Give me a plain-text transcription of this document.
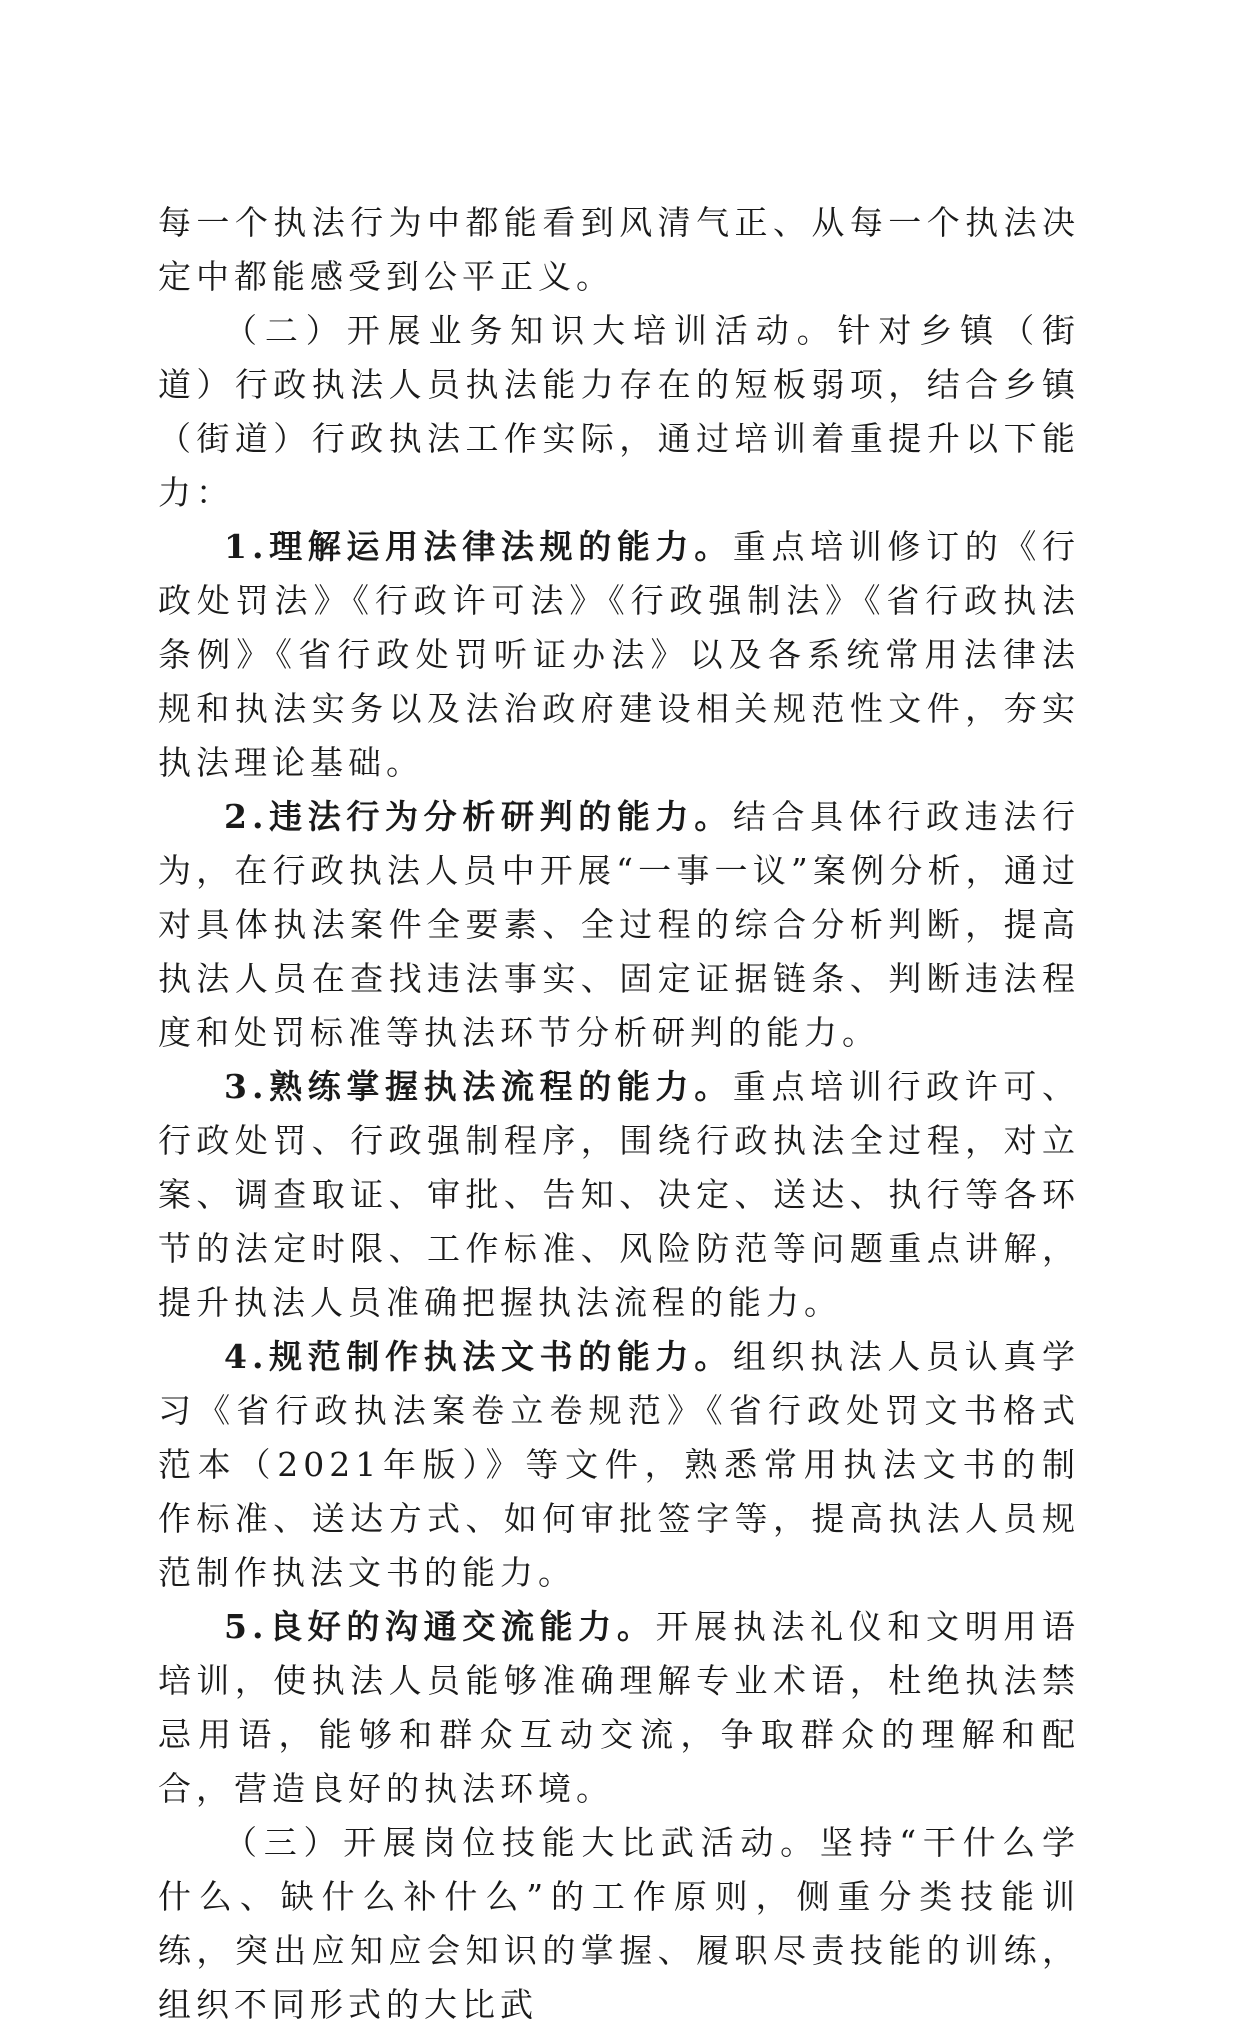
每一个执法行为中都能看到风清气正、从每一个执法决定中都能感受到公平正义。

（二）开展业务知识大培训活动。针对乡镇（街道）行政执法人员执法能力存在的短板弱项，结合乡镇（街道）行政执法工作实际，通过培训着重提升以下能力：

1.理解运用法律法规的能力。重点培训修订的《行政处罚法》《行政许可法》《行政强制法》《省行政执法条例》《省行政处罚听证办法》以及各系统常用法律法规和执法实务以及法治政府建设相关规范性文件，夯实执法理论基础。

2.违法行为分析研判的能力。结合具体行政违法行为，在行政执法人员中开展“一事一议”案例分析，通过对具体执法案件全要素、全过程的综合分析判断，提高执法人员在查找违法事实、固定证据链条、判断违法程度和处罚标准等执法环节分析研判的能力。

3.熟练掌握执法流程的能力。重点培训行政许可、行政处罚、行政强制程序，围绕行政执法全过程，对立案、调查取证、审批、告知、决定、送达、执行等各环节的法定时限、工作标准、风险防范等问题重点讲解，提升执法人员准确把握执法流程的能力。

4.规范制作执法文书的能力。组织执法人员认真学习《省行政执法案卷立卷规范》《省行政处罚文书格式范本（2021年版）》等文件，熟悉常用执法文书的制作标准、送达方式、如何审批签字等，提高执法人员规范制作执法文书的能力。

5.良好的沟通交流能力。开展执法礼仪和文明用语培训，使执法人员能够准确理解专业术语，杜绝执法禁忌用语，能够和群众互动交流，争取群众的理解和配合，营造良好的执法环境。

（三）开展岗位技能大比武活动。坚持“干什么学什么、缺什么补什么”的工作原则，侧重分类技能训练，突出应知应会知识的掌握、履职尽责技能的训练，组织不同形式的大比武
